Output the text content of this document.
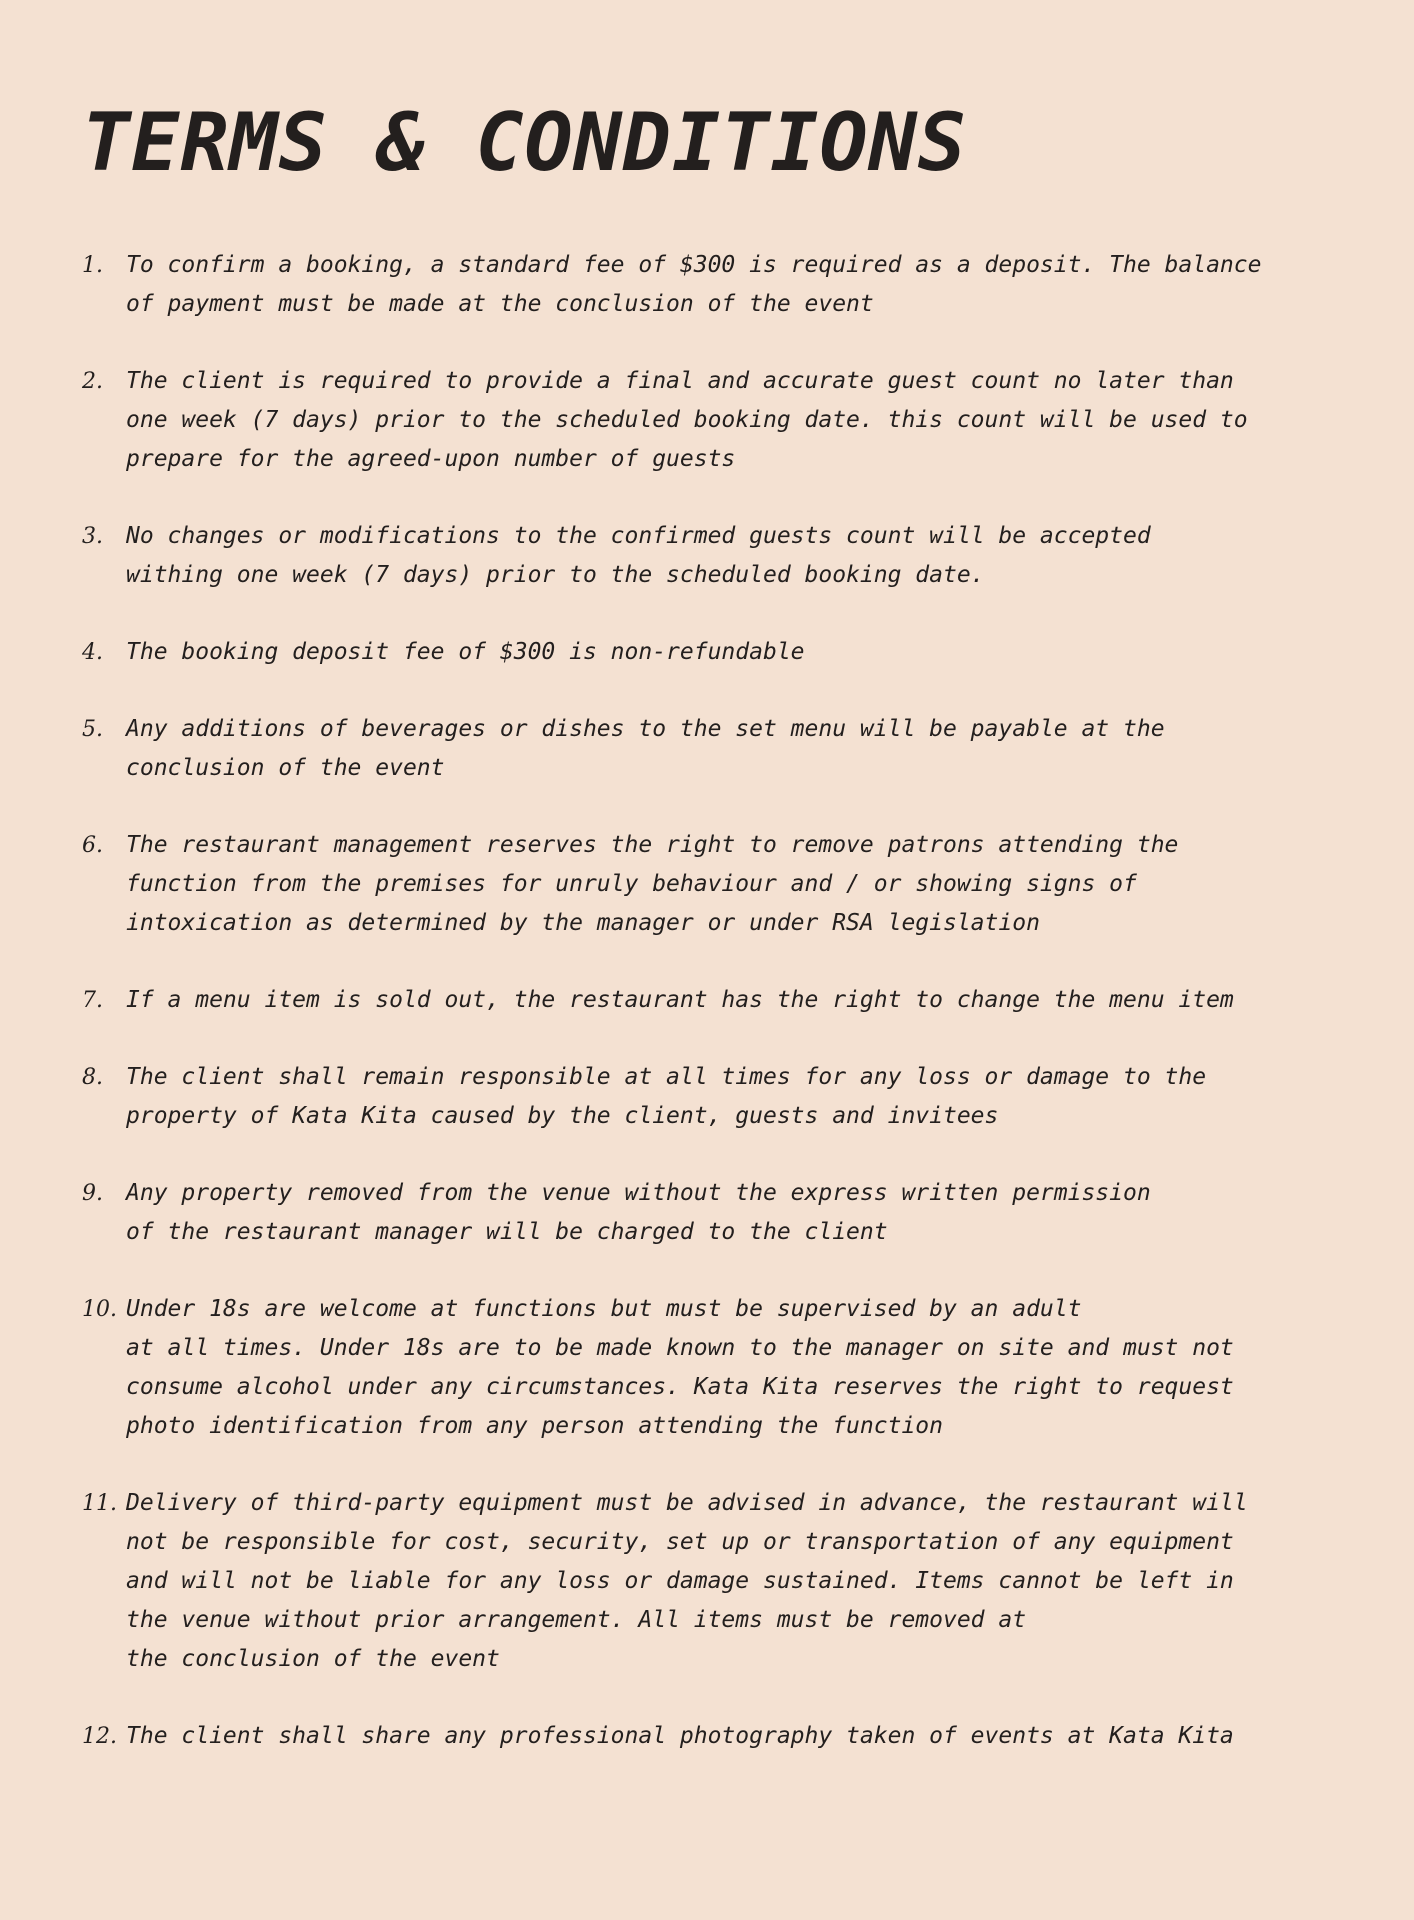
TERMS & CONDITIONS
1. To confirm a booking, a standard fee of $300 is required as a deposit. The balance
of payment must be made at the conclusion of the event

2. The client is required to provide a final and accurate guest count no later than
one week (7 days) prior to the scheduled booking date. this count will be used to
prepare for the agreed-upon number of guests

3. No changes or modifications to the confirmed guests count will be accepted
withing one week (7 days) prior to the scheduled booking date.

4. The booking deposit fee of $300 is non-refundable

5. Any additions of beverages or dishes to the set menu will be payable at the
conclusion of the event

6. The restaurant management reserves the right to remove patrons attending the
function from the premises for unruly behaviour and / or showing signs of
intoxication as determined by the manager or under RSA legislation

7. If a menu item is sold out, the restaurant has the right to change the menu item

8. The client shall remain responsible at all times for any loss or damage to the
property of Kata Kita caused by the client, guests and invitees

9. Any property removed from the venue without the express written permission
of the restaurant manager will be charged to the client

10. Under 18s are welcome at functions but must be supervised by an adult
at all times. Under 18s are to be made known to the manager on site and must not
consume alcohol under any circumstances. Kata Kita reserves the right to request
photo identification from any person attending the function

11. Delivery of third-party equipment must be advised in advance, the restaurant will
not be responsible for cost, security, set up or transportation of any equipment
and will not be liable for any loss or damage sustained. Items cannot be left in
the venue without prior arrangement. All items must be removed at
the conclusion of the event

12. The client shall share any professional photography taken of events at Kata Kita
